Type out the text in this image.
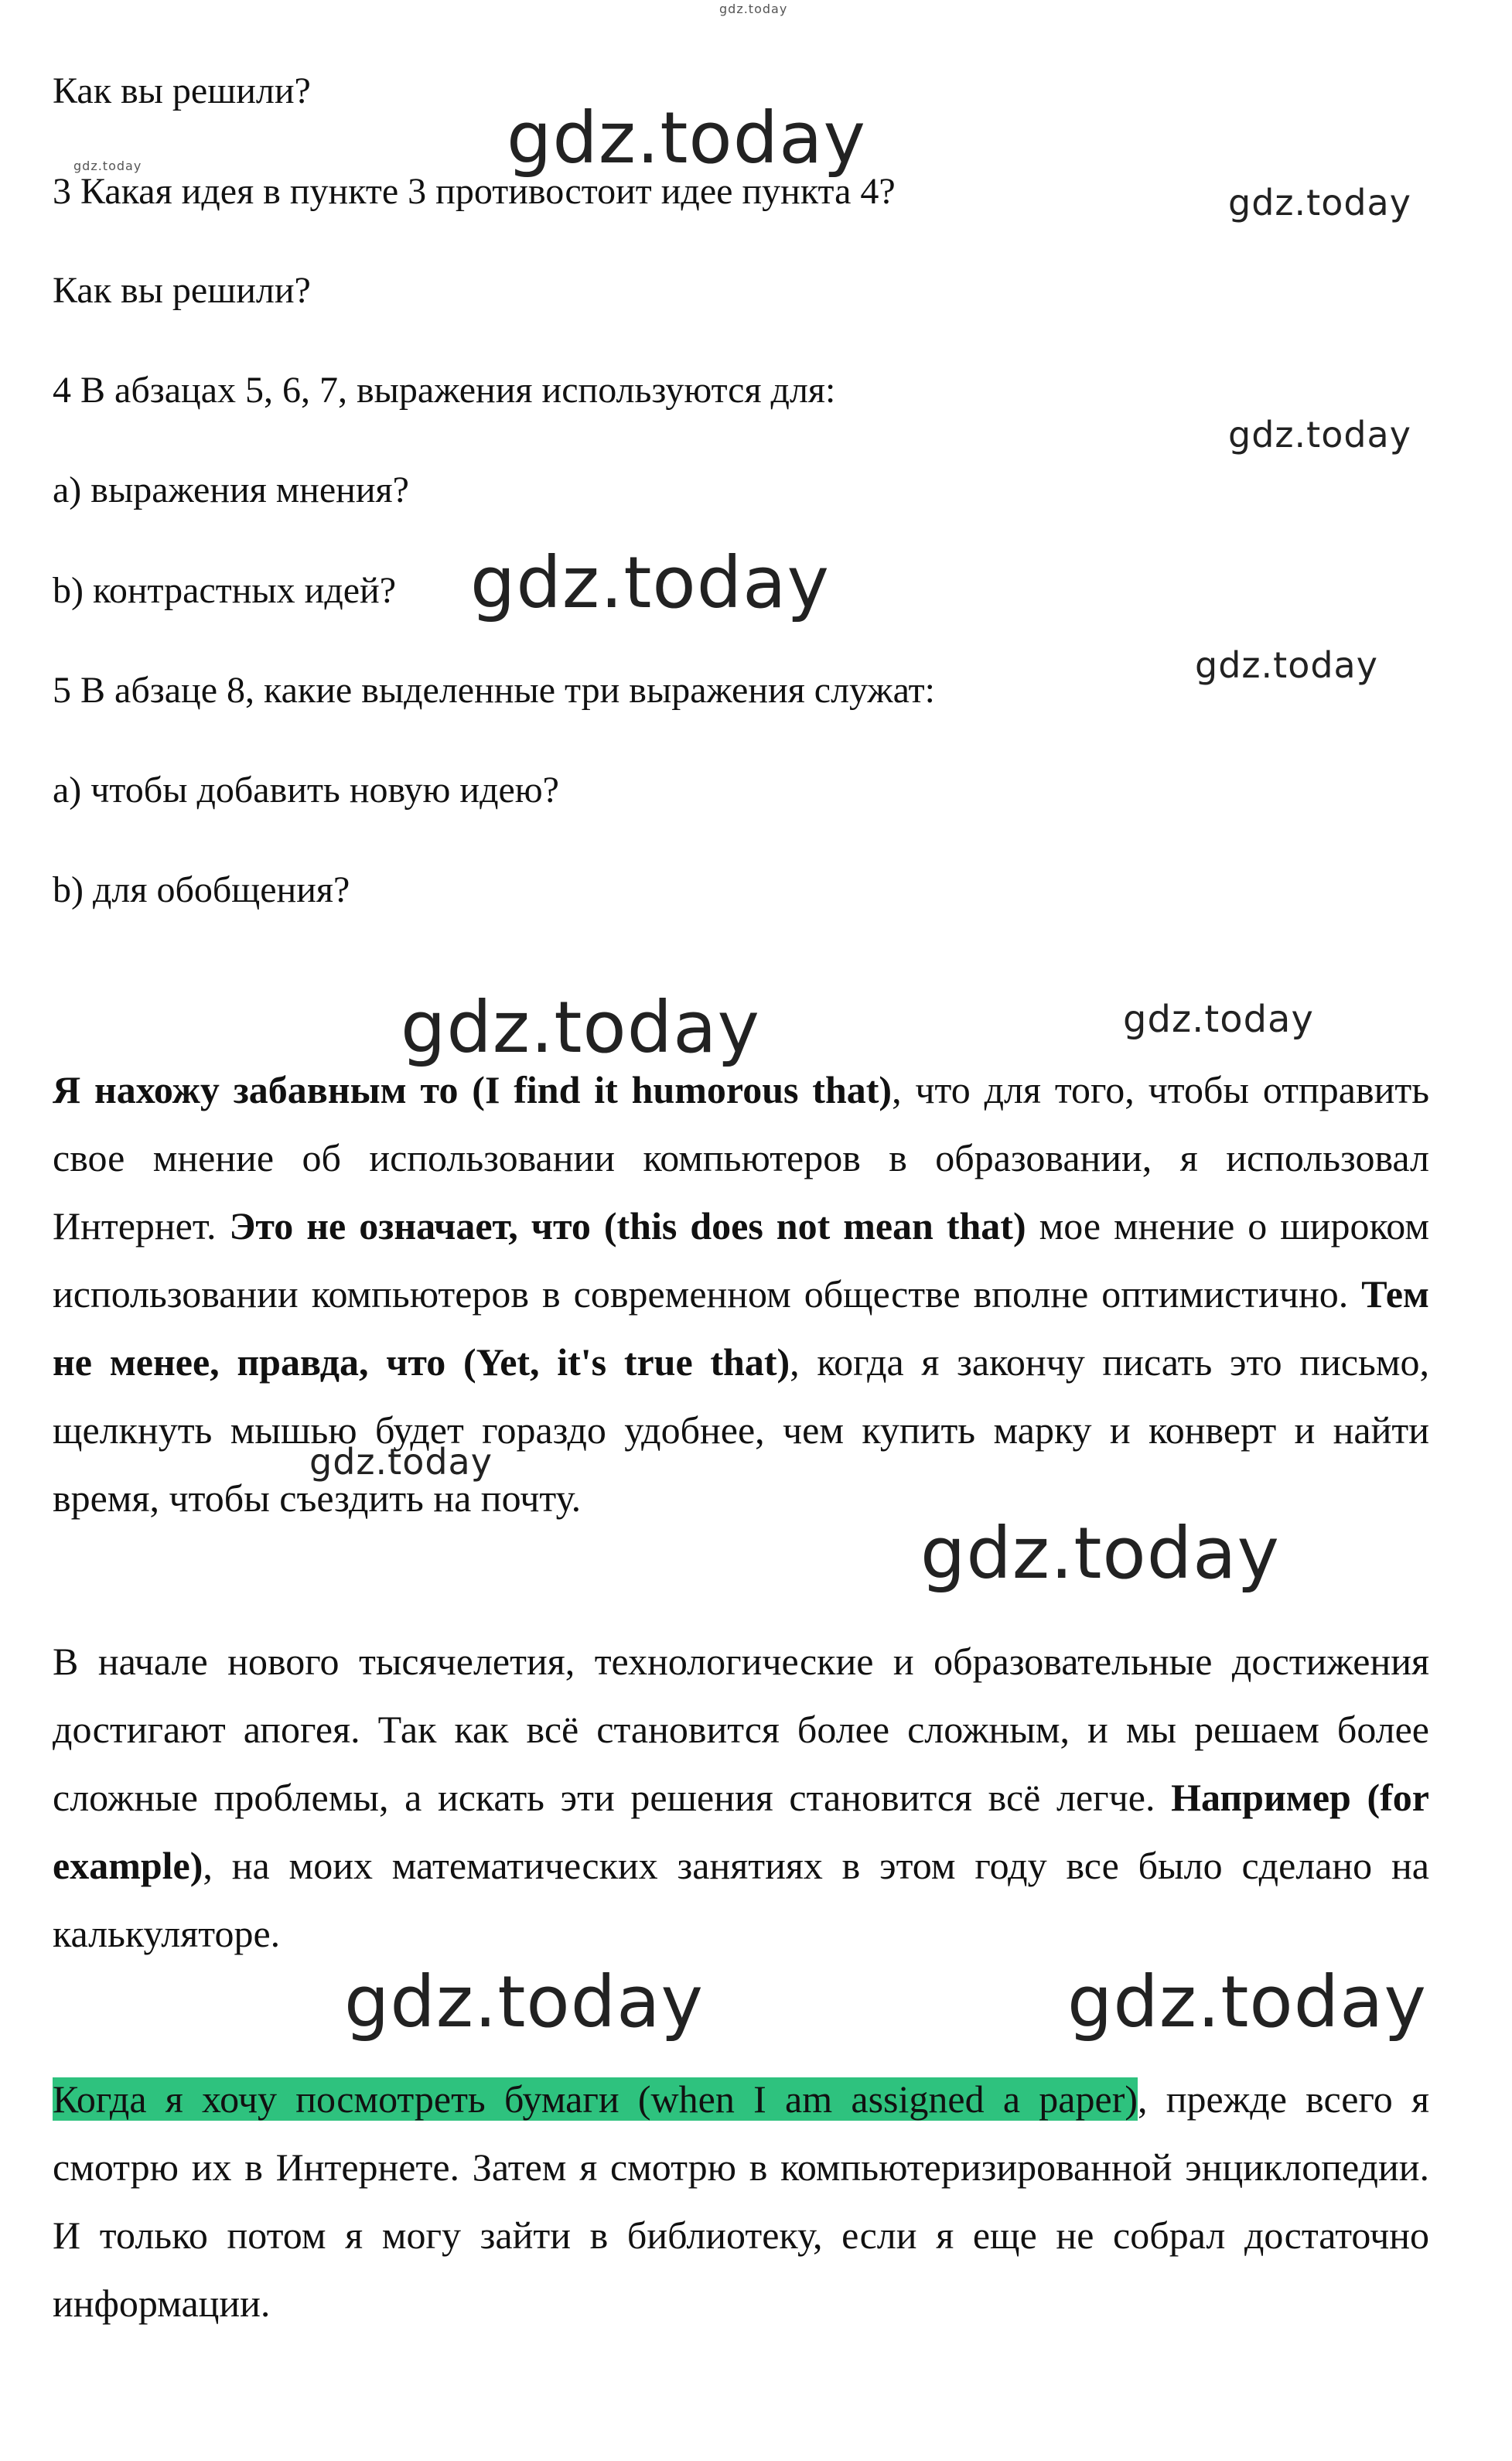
Как вы решили?

3 Какая идея в пункте 3 противостоит идее пункта 4?

Как вы решили?

4 В абзацах 5, 6, 7, выражения используются для:

a) выражения мнения?

b) контрастных идей?

5 В абзаце 8, какие выделенные три выражения служат:

a) чтобы добавить новую идею?

b) для обобщения?

Я нахожу забавным то (I find it humorous that), что для того, чтобы отправить свое мнение об использовании компьютеров в образовании, я использовал Интернет. Это не означает, что (this does not mean that) мое мнение о широком использовании компьютеров в современном обществе вполне оптимистично. Тем не менее, правда, что (Yet, it's true that), когда я закончу писать это письмо, щелкнуть мышью будет гораздо удобнее, чем купить марку и конверт и найти время, чтобы съездить на почту.

В начале нового тысячелетия, технологические и образовательные достижения достигают апогея. Так как всё становится более сложным, и мы решаем более сложные проблемы, а искать эти решения становится всё легче. Например (for example), на моих математических занятиях в этом году все было сделано на калькуляторе.

Когда я хочу посмотреть бумаги (when I am assigned a paper), прежде всего я смотрю их в Интернете. Затем я смотрю в компьютеризированной энциклопедии. И только потом я могу зайти в библиотеку, если я еще не собрал достаточно информации.

gdz.today
gdz.today	gdz.today
gdz.today
gdz.today
gdz.today
gdz.today
gdz.today	gdz.today
gdz.today
gdz.today
gdz.today	gdz.today
